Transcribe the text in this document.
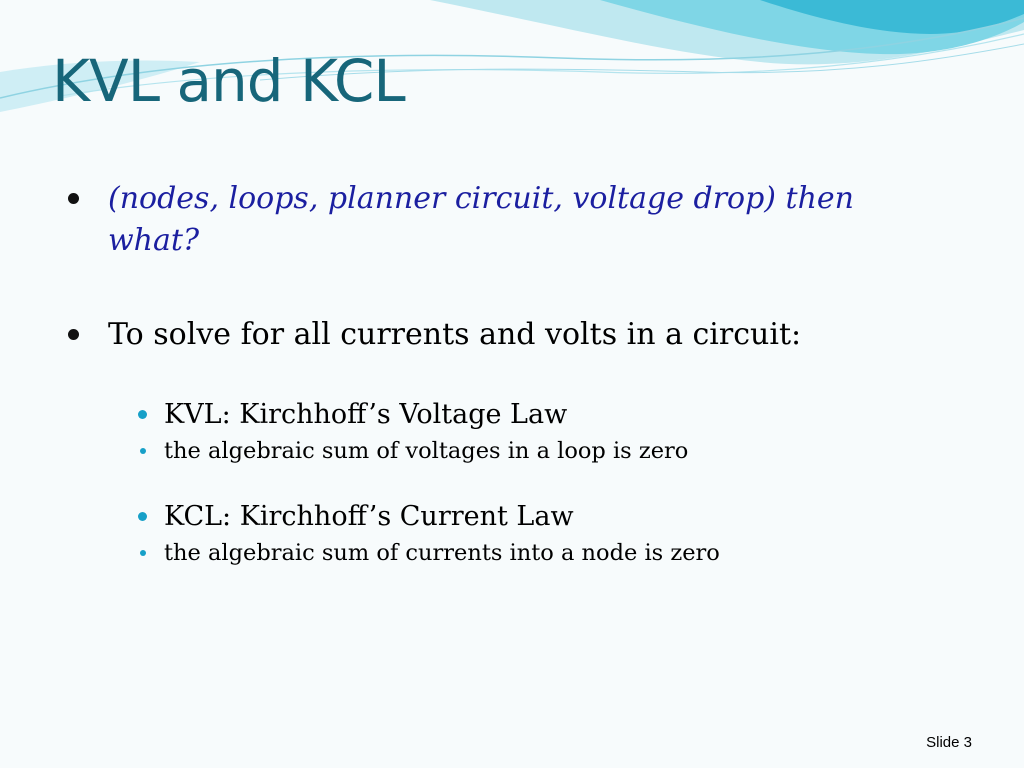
KVL and KCL
(nodes, loops, planner circuit, voltage drop) then what?
To solve for all currents and volts in a circuit:
KVL: Kirchhoff’s Voltage Law
the algebraic sum of voltages in a loop is zero
KCL: Kirchhoff’s Current Law
the algebraic sum of currents into a node is zero
Slide 3
